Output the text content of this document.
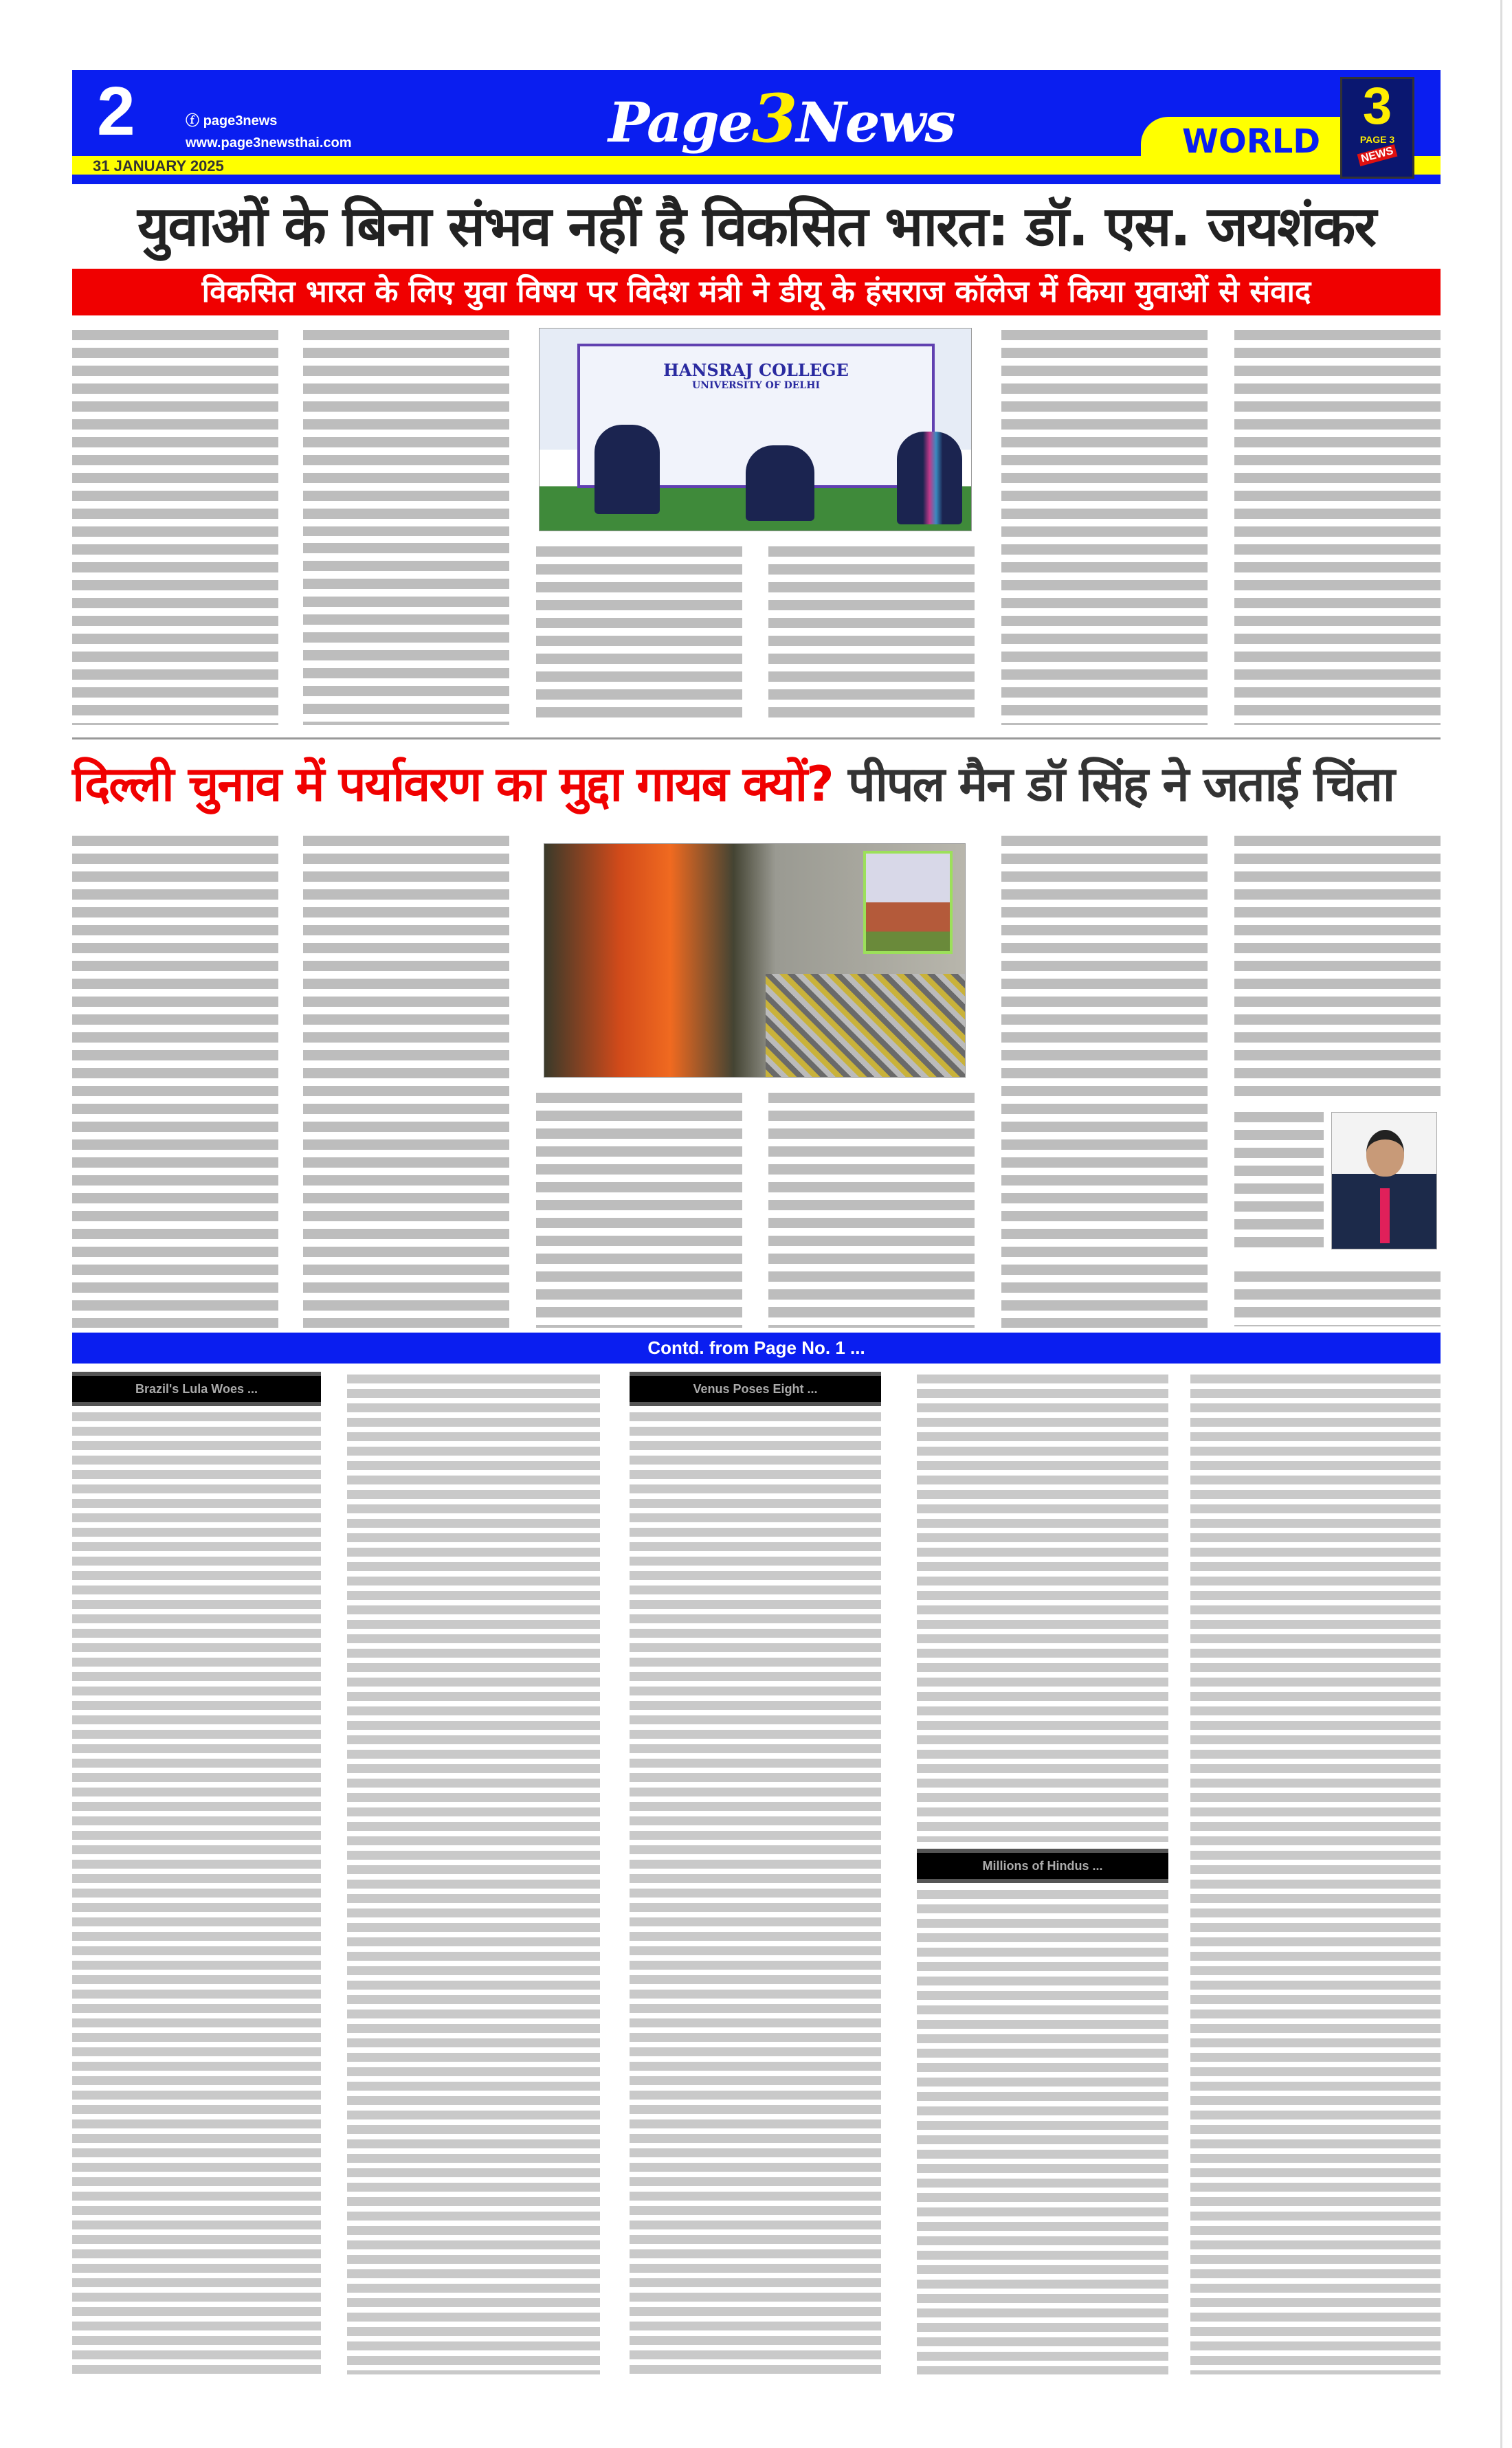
2	ⓕ page3news
www.page3newsthai.com	Page3News
31 JANUARY 2025
WORLD
3
PAGE 3
NEWS
युवाओं के बिना संभव नहीं है विकसित भारत: डॉ. एस. जयशंकर
विकसित भारत के लिए युवा विषय पर विदेश मंत्री ने डीयू के हंसराज कॉलेज में किया युवाओं से संवाद
HANSRAJ COLLEGE
UNIVERSITY OF DELHI
दिल्ली चुनाव में पर्यावरण का मुद्दा गायब क्यों? पीपल मैन डॉ सिंह ने जताई चिंता
Contd. from Page No. 1 ...
Brazil's Lula Woes ...	Venus Poses Eight ...
Millions of Hindus ...
